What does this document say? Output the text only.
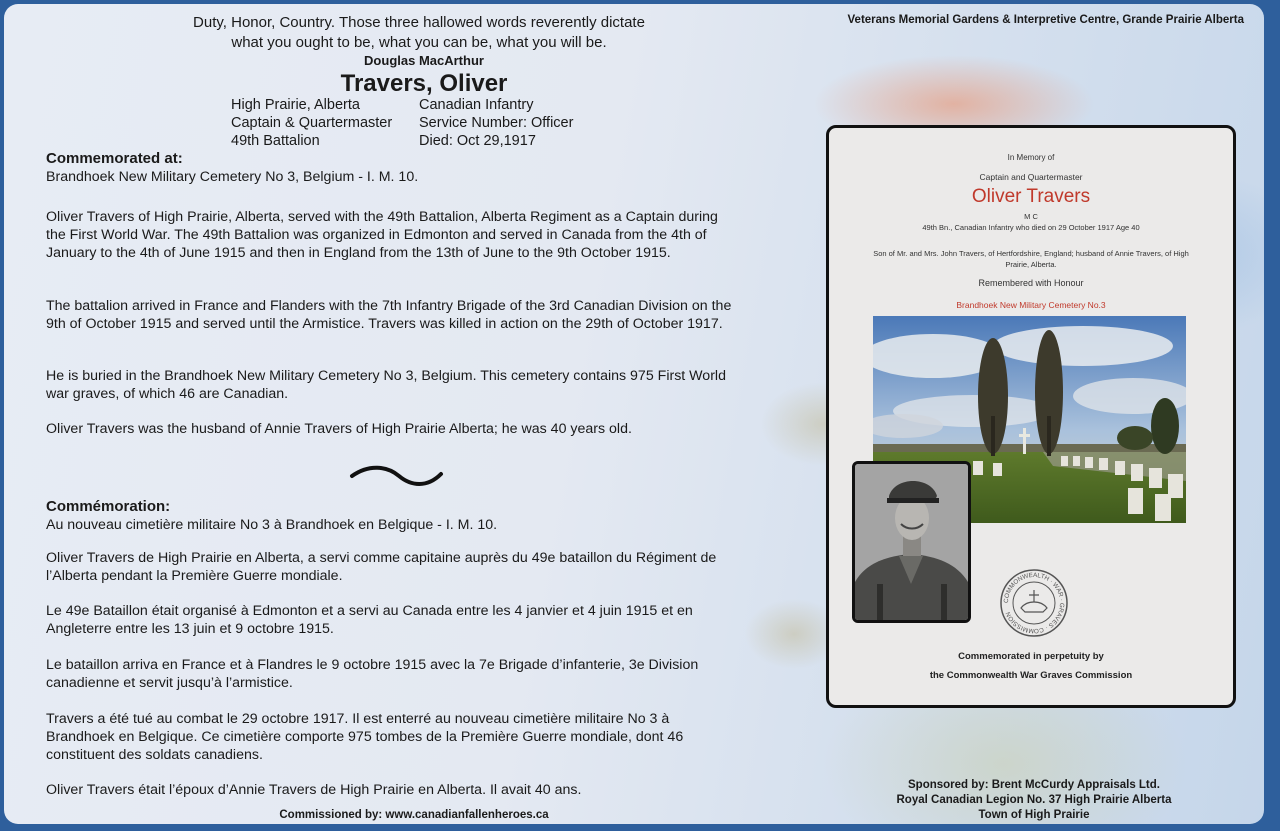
Duty, Honor, Country. Those three hallowed words reverently dictate
what you ought to be, what you can be, what you will be.
Douglas MacArthur
Veterans Memorial Gardens & Interpretive Centre, Grande Prairie Alberta
Travers, Oliver
High Prairie, Alberta
Captain & Quartermaster
49th Battalion
Canadian Infantry
Service Number: Officer
Died: Oct 29,1917

Commemorated at:

Brandhoek New Military Cemetery No 3, Belgium - I. M. 10.

Oliver Travers of High Prairie, Alberta, served with the 49th Battalion, Alberta Regiment as a Captain during the First World War. The 49th Battalion was organized in Edmonton and served in Canada from the 4th of January to the 4th of June 1915 and then in England from the 13th of June to the 9th October 1915.
The battalion arrived in France and Flanders with the 7th Infantry Brigade of the 3rd Canadian Division on the 9th of October 1915 and served until the Armistice. Travers was killed in action on the 29th of October 1917.
He is buried in the Brandhoek New Military Cemetery No 3, Belgium. This cemetery contains 975 First World war graves, of which 46 are Canadian.
Oliver Travers was the husband of Annie Travers of High Prairie Alberta; he was 40 years old.

Commémoration:

Au nouveau cimetière militaire No 3 à Brandhoek en Belgique - I. M. 10.

Oliver Travers de High Prairie en Alberta, a servi comme capitaine auprès du 49e bataillon du Régiment de l’Alberta pendant la Première Guerre mondiale.
Le 49e Bataillon était organisé à Edmonton et a servi au Canada entre les 4 janvier et 4 juin 1915 et en Angleterre entre les 13 juin et 9 octobre 1915.
Le bataillon arriva en France et à Flandres le 9 octobre 1915 avec la 7e Brigade d’infanterie, 3e Division canadienne et servit jusqu’à l’armistice.
Travers a été tué au combat le 29 octobre 1917. Il est enterré au nouveau cimetière militaire No 3 à Brandhoek en Belgique. Ce cimetière comporte 975 tombes de la Première Guerre mondiale, dont 46 constituent des soldats canadiens.
Oliver Travers était l’époux d’Annie Travers de High Prairie en Alberta. Il avait 40 ans.
Commissioned by: www.canadianfallenheroes.ca
In Memory of
Captain and Quartermaster
Oliver Travers
M C
49th Bn., Canadian Infantry who died on 29 October 1917 Age 40
Son of Mr. and Mrs. John Travers, of Hertfordshire, England; husband of Annie Travers, of High Prairie, Alberta.
Remembered with Honour
Brandhoek New Military Cemetery No.3
COMMONWEALTH · WAR · GRAVES · COMMISSION
Commemorated in perpetuity by
the Commonwealth War Graves Commission
Sponsored by: Brent McCurdy Appraisals Ltd.
Royal Canadian Legion No. 37 High Prairie Alberta
Town of High Prairie
